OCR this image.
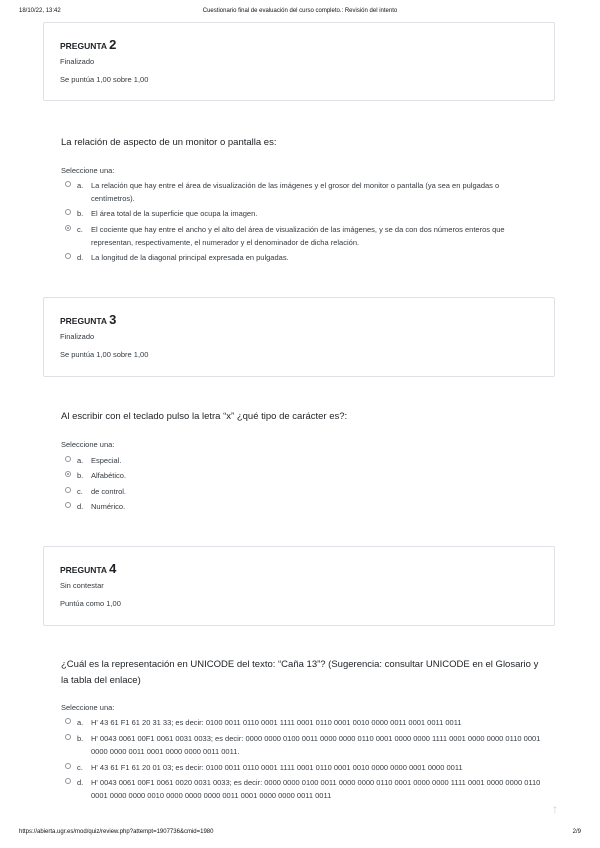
18/10/22, 13:42	Cuestionario final de evaluación del curso completo.: Revisión del intento
PREGUNTA 2
Finalizado
Se puntúa 1,00 sobre 1,00
La relación de aspecto de un monitor o pantalla es:
Seleccione una:
a. La relación que hay entre el área de visualización de las imágenes y el grosor del monitor o pantalla (ya sea en pulgadas o centímetros).
b. El área total de la superficie que ocupa la imagen.
c. El cociente que hay entre el ancho y el alto del área de visualización de las imágenes, y se da con dos números enteros que representan, respectivamente, el numerador y el denominador de dicha relación.
d. La longitud de la diagonal principal expresada en pulgadas.
PREGUNTA 3
Finalizado
Se puntúa 1,00 sobre 1,00
Al escribir con el teclado pulso la letra “x” ¿qué tipo de carácter es?:
Seleccione una:
a. Especial.
b. Alfabético.
c. de control.
d. Numérico.
PREGUNTA 4
Sin contestar
Puntúa como 1,00
¿Cuál es la representación en UNICODE del texto: “Caña 13”? (Sugerencia: consultar UNICODE en el Glosario y la tabla del enlace)
Seleccione una:
a. H' 43 61 F1 61 20 31 33; es decir: 0100 0011 0110 0001 1111 0001 0110 0001 0010 0000 0011 0001 0011 0011
b. H' 0043 0061 00F1 0061 0031 0033; es decir: 0000 0000 0100 0011 0000 0000 0110 0001 0000 0000 1111 0001 0000 0000 0110 0001 0000 0000 0011 0001 0000 0000 0011 0011.
c. H' 43 61 F1 61 20 01 03; es decir: 0100 0011 0110 0001 1111 0001 0110 0001 0010 0000 0000 0001 0000 0011
d. H' 0043 0061 00F1 0061 0020 0031 0033; es decir: 0000 0000 0100 0011 0000 0000 0110 0001 0000 0000 1111 0001 0000 0000 0110 0001 0000 0000 0010 0000 0000 0000 0011 0001 0000 0000 0011 0011
↑
https://abierta.ugr.es/mod/quiz/review.php?attempt=1907736&cmid=1980	2/9
